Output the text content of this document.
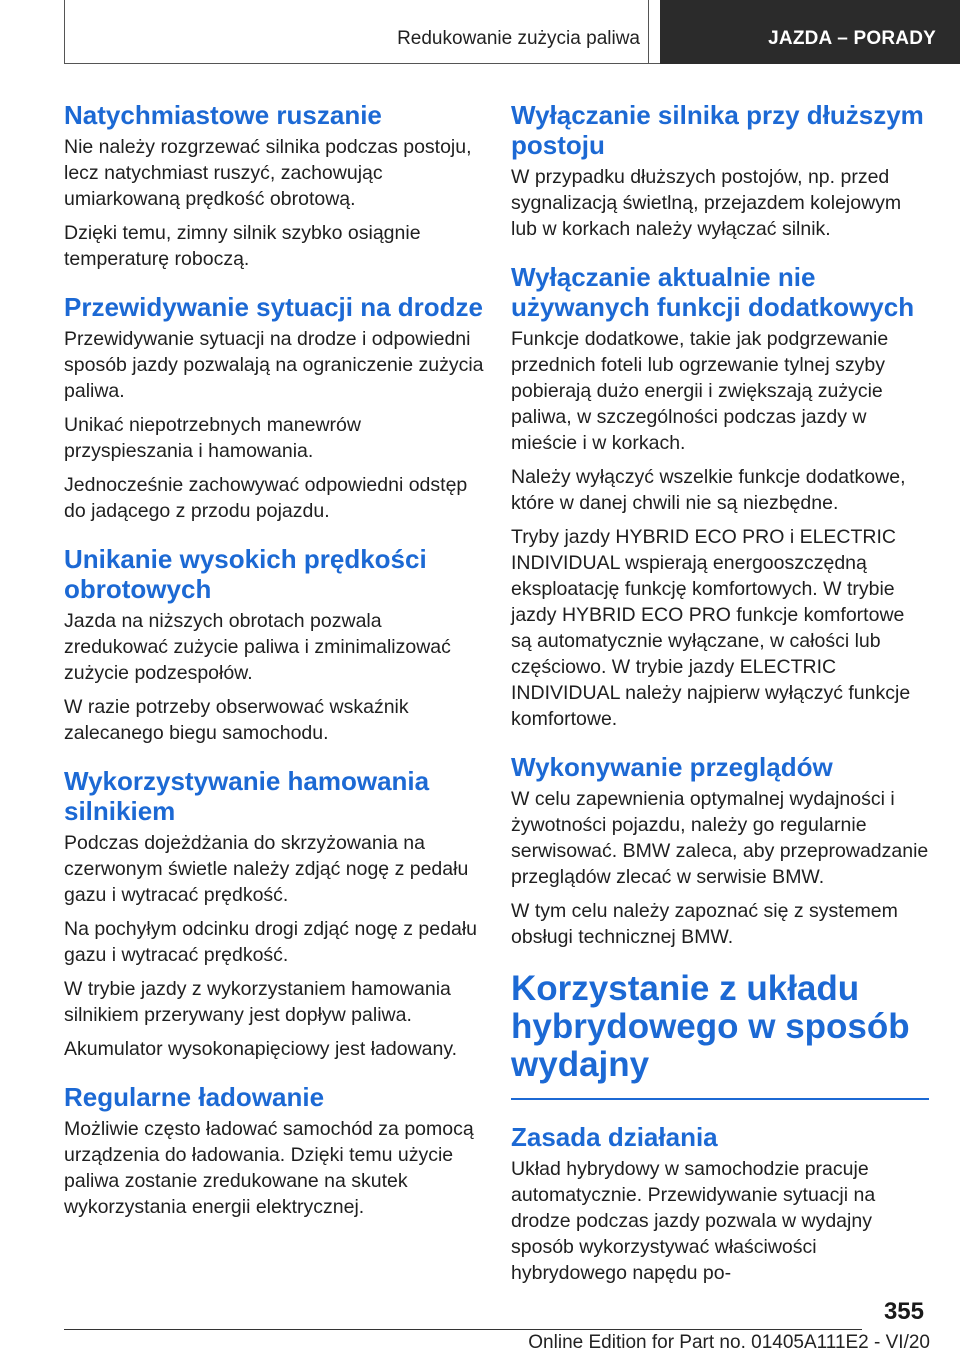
Redukowanie zużycia paliwa	JAZDA – PORADY
Natychmiastowe ruszanie

Nie należy rozgrzewać silnika podczas postoju, lecz natychmiast ruszyć, zachowując umiarkowaną prędkość obrotową.

Dzięki temu, zimny silnik szybko osiągnie temperaturę roboczą.

Przewidywanie sytuacji na drodze

Przewidywanie sytuacji na drodze i odpowiedni sposób jazdy pozwalają na ograniczenie zużycia paliwa.

Unikać niepotrzebnych manewrów przyspieszania i hamowania.

Jednocześnie zachowywać odpowiedni odstęp do jadącego z przodu pojazdu.

Unikanie wysokich prędkości obrotowych

Jazda na niższych obrotach pozwala zredukować zużycie paliwa i zminimalizować zużycie podzespołów.

W razie potrzeby obserwować wskaźnik zalecanego biegu samochodu.

Wykorzystywanie hamowania silnikiem

Podczas dojeżdżania do skrzyżowania na czerwonym świetle należy zdjąć nogę z pedału gazu i wytracać prędkość.

Na pochyłym odcinku drogi zdjąć nogę z pedału gazu i wytracać prędkość.

W trybie jazdy z wykorzystaniem hamowania silnikiem przerywany jest dopływ paliwa.

Akumulator wysokonapięciowy jest ładowany.

Regularne ładowanie

Możliwie często ładować samochód za pomocą urządzenia do ładowania. Dzięki temu użycie paliwa zostanie zredukowane na skutek wykorzystania energii elektrycznej.

Wyłączanie silnika przy dłuższym postoju

W przypadku dłuższych postojów, np. przed sygnalizacją świetlną, przejazdem kolejowym lub w korkach należy wyłączać silnik.

Wyłączanie aktualnie nie używanych funkcji dodatkowych

Funkcje dodatkowe, takie jak podgrzewanie przednich foteli lub ogrzewanie tylnej szyby pobierają dużo energii i zwiększają zużycie paliwa, w szczególności podczas jazdy w mieście i w korkach.

Należy wyłączyć wszelkie funkcje dodatkowe, które w danej chwili nie są niezbędne.

Tryby jazdy HYBRID ECO PRO i ELECTRIC INDIVIDUAL wspierają energooszczędną eksploatację funkcję komfortowych. W trybie jazdy HYBRID ECO PRO funkcje komfortowe są automatycznie wyłączane, w całości lub częściowo. W trybie jazdy ELECTRIC INDIVIDUAL należy najpierw wyłączyć funkcje komfortowe.

Wykonywanie przeglądów

W celu zapewnienia optymalnej wydajności i żywotności pojazdu, należy go regularnie serwisować. BMW zaleca, aby przeprowadzanie przeglądów zlecać w serwisie BMW.

W tym celu należy zapoznać się z systemem obsługi technicznej BMW.

Korzystanie z układu hybrydowego w sposób wydajny
Zasada działania

Układ hybrydowy w samochodzie pracuje automatycznie. Przewidywanie sytuacji na drodze podczas jazdy pozwala w wydajny sposób wykorzystywać właściwości hybrydowego napędu po-

355
Online Edition for Part no. 01405A111E2 - VI/20
